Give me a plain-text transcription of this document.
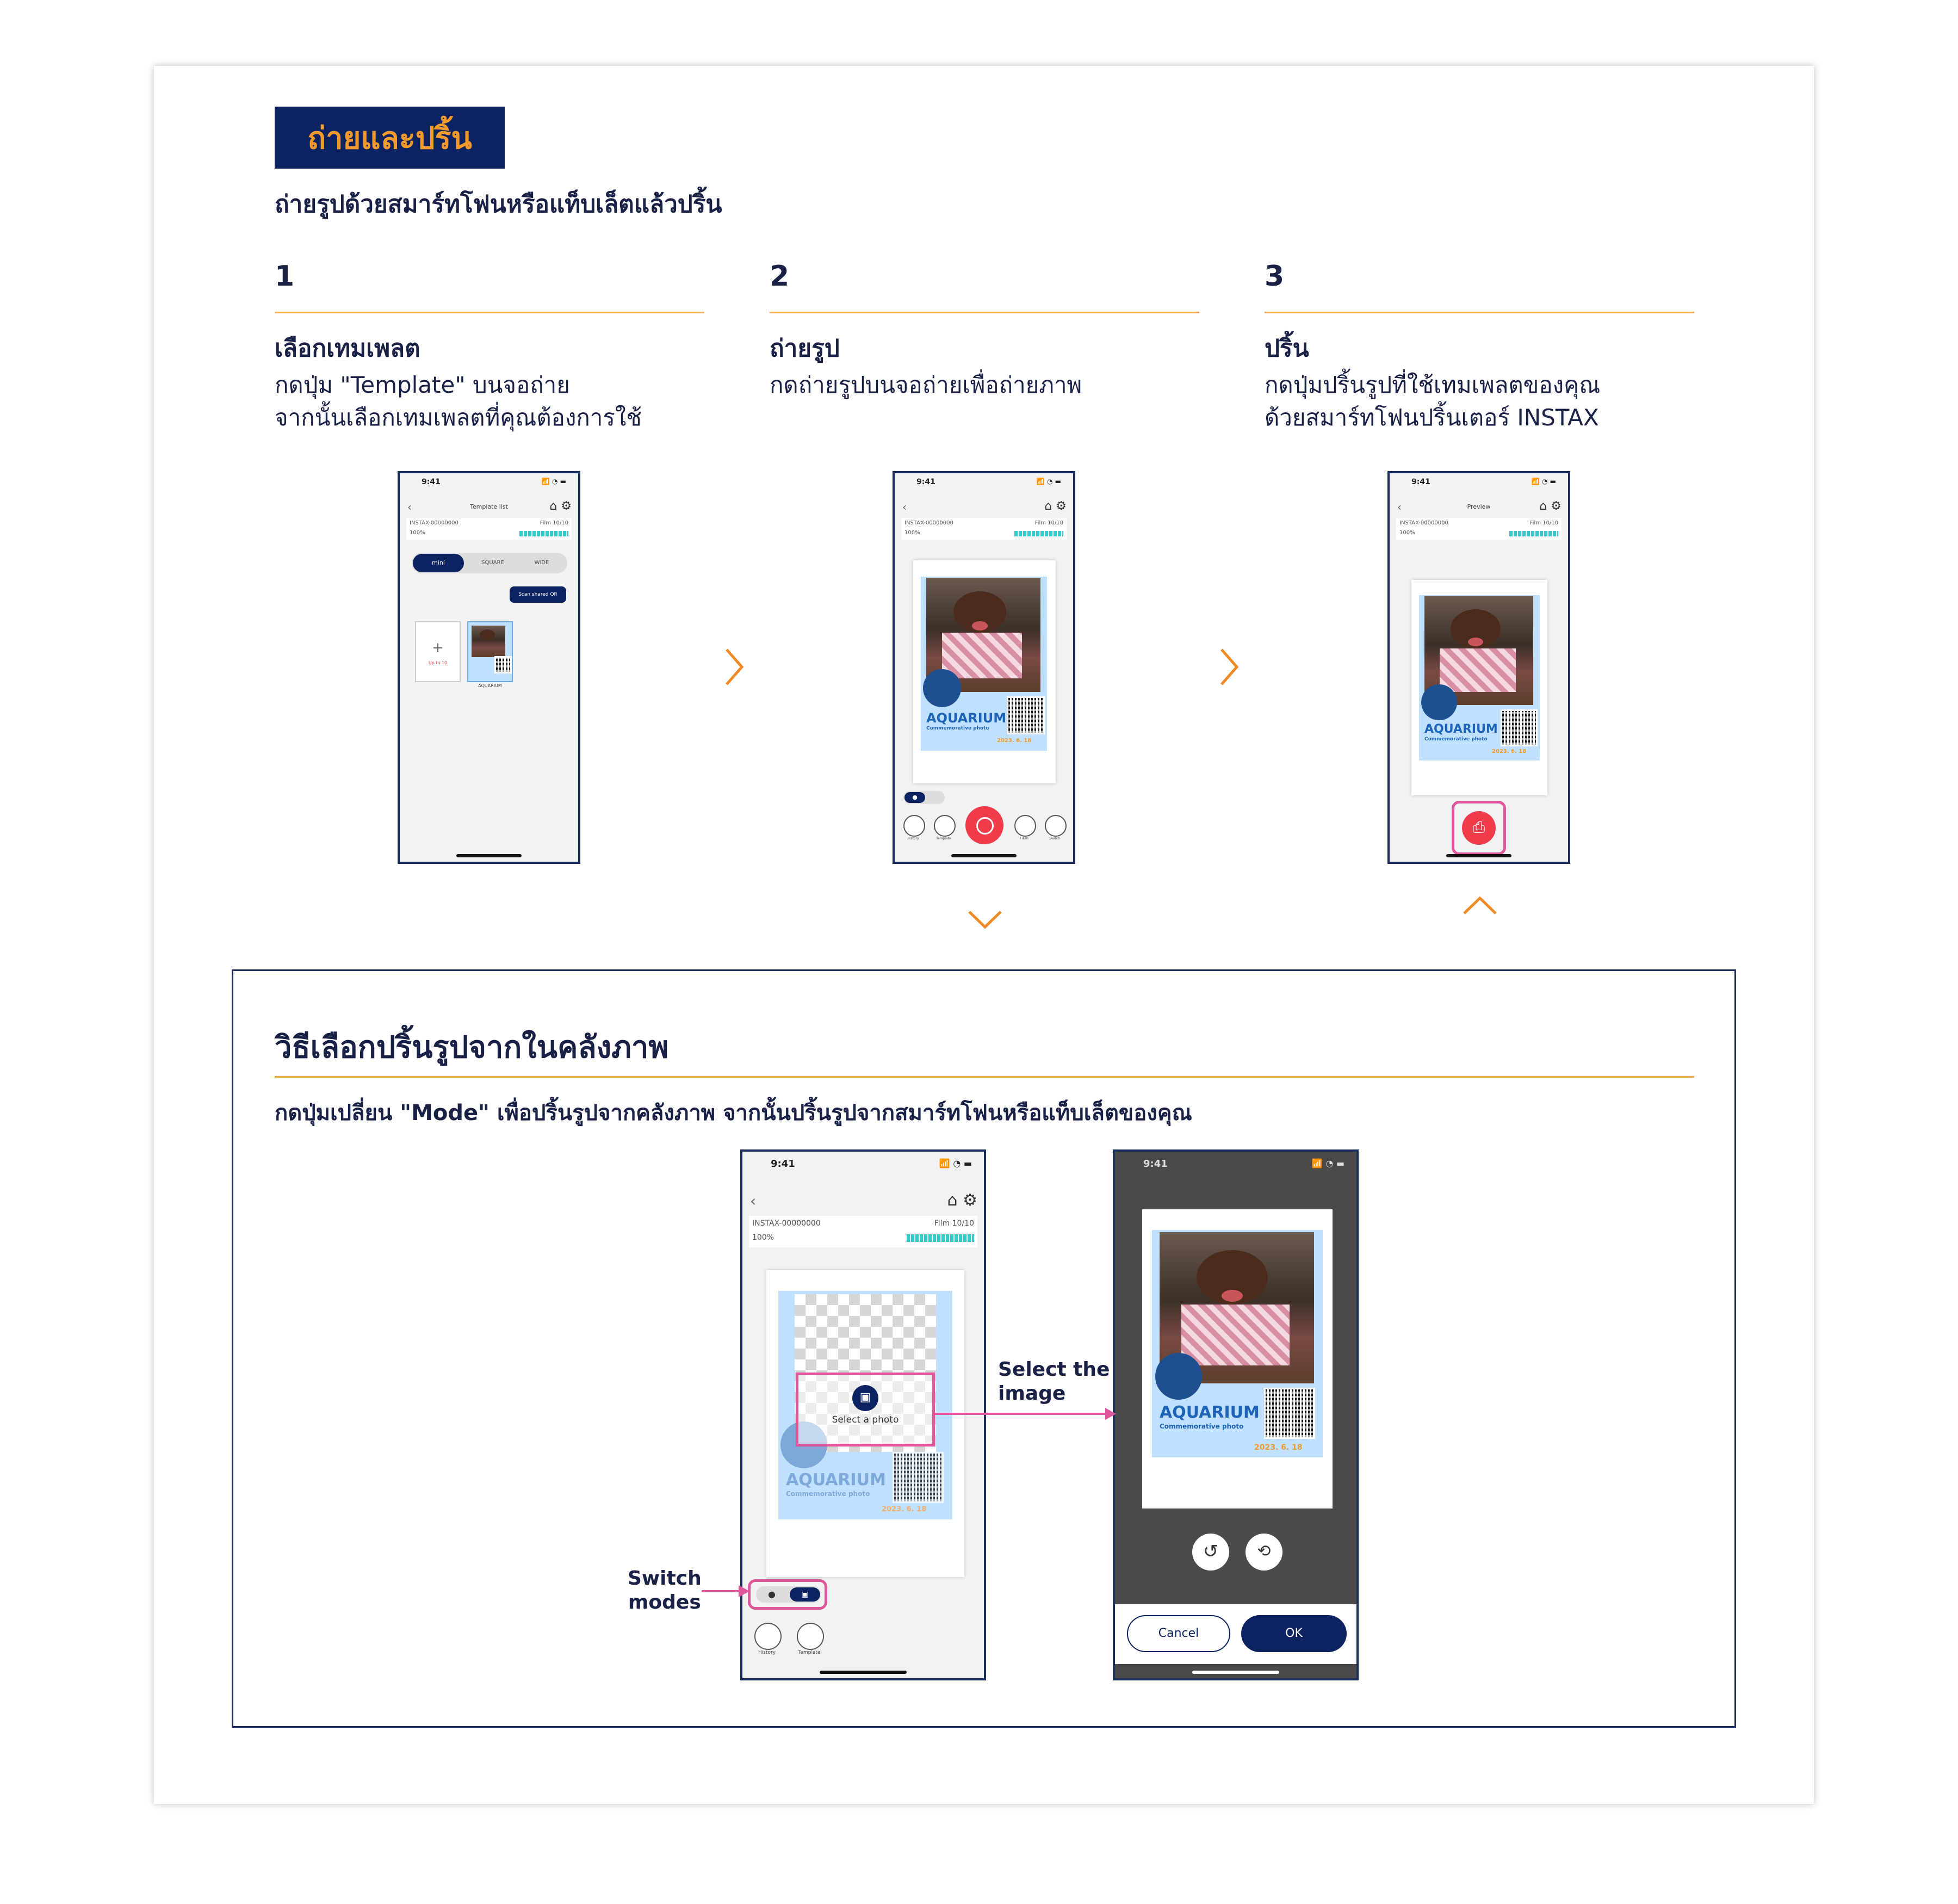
ถ่ายและปริ้น
ถ่ายรูปด้วยสมาร์ทโฟนหรือแท็บเล็ตแล้วปริ้น
1
เลือกเทมเพลต
กดปุ่ม "Template" บนจอถ่าย
จากนั้นเลือกเทมเพลตที่คุณต้องการใช้
2
ถ่ายรูป
กดถ่ายรูปบนจอถ่ายเพื่อถ่ายภาพ
3
ปริ้น
กดปุ่มปริ้นรูปที่ใช้เทมเพลตของคุณ
ด้วยสมาร์ทโฟนปริ้นเตอร์ INSTAX
9:41	📶 ◔ ▬
‹	Template list	⌂ ⚙
INSTAX-00000000
100%
Film 10/10
mini	SQUARE	WIDE
Scan shared QR
+
Up to 10
AQUARIUM
9:41	📶 ◔ ▬
‹	⌂ ⚙
INSTAX-00000000
100%
Film 10/10
AQUARIUM
Commemorative photo
2023. 6. 18
●
History	Template	Flash	Switch
9:41	📶 ◔ ▬
‹	Preview	⌂ ⚙
INSTAX-00000000
100%
Film 10/10
AQUARIUM
Commemorative photo
2023. 6. 18
⎙
วิธีเลือกปริ้นรูปจากในคลังภาพ
กดปุ่มเปลี่ยน "Mode" เพื่อปริ้นรูปจากคลังภาพ จากนั้นปริ้นรูปจากสมาร์ทโฟนหรือแท็บเล็ตของคุณ
9:41	📶 ◔ ▬
‹	⌂ ⚙
INSTAX-00000000
100%
Film 10/10
AQUARIUM
Commemorative photo
2023. 6. 18
▣
Select a photo
●	▣
History	Template
9:41	📶 ◔ ▬
AQUARIUM
Commemorative photo
2023. 6. 18
↺	⟲
Cancel	OK
Select the
image
Switch
modes
